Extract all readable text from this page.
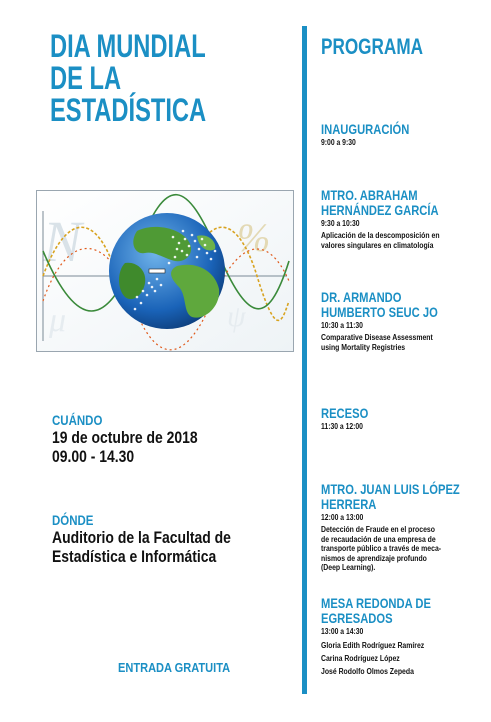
DIA MUNDIAL
DE LA
ESTADÍSTICA
N	%
μ	ψ
CUÁNDO
19 de octubre de 2018
09.00 - 14.30
DÓNDE
Auditorio de la Facultad de
Estadística e Informática
ENTRADA GRATUITA
PROGRAMA
INAUGURACIÓN
9:00 a 9:30
MTRO. ABRAHAM
HERNÁNDEZ GARCÍA
9:30 a 10:30
Aplicación de la descomposición en
valores singulares en climatología
DR. ARMANDO
HUMBERTO SEUC JO
10:30 a 11:30
Comparative Disease Assessment
using Mortality Registries
RECESO
11:30 a 12:00
MTRO. JUAN LUIS LÓPEZ
HERRERA
12:00 a 13:00
Detección de Fraude en el proceso
de recaudación de una empresa de
transporte público a través de meca-
nismos de aprendizaje profundo
(Deep Learning).
MESA REDONDA DE
EGRESADOS
13:00 a 14:30
Gloria Edith Rodríguez Ramírez
Carina Rodríguez López
José Rodolfo Olmos Zepeda
